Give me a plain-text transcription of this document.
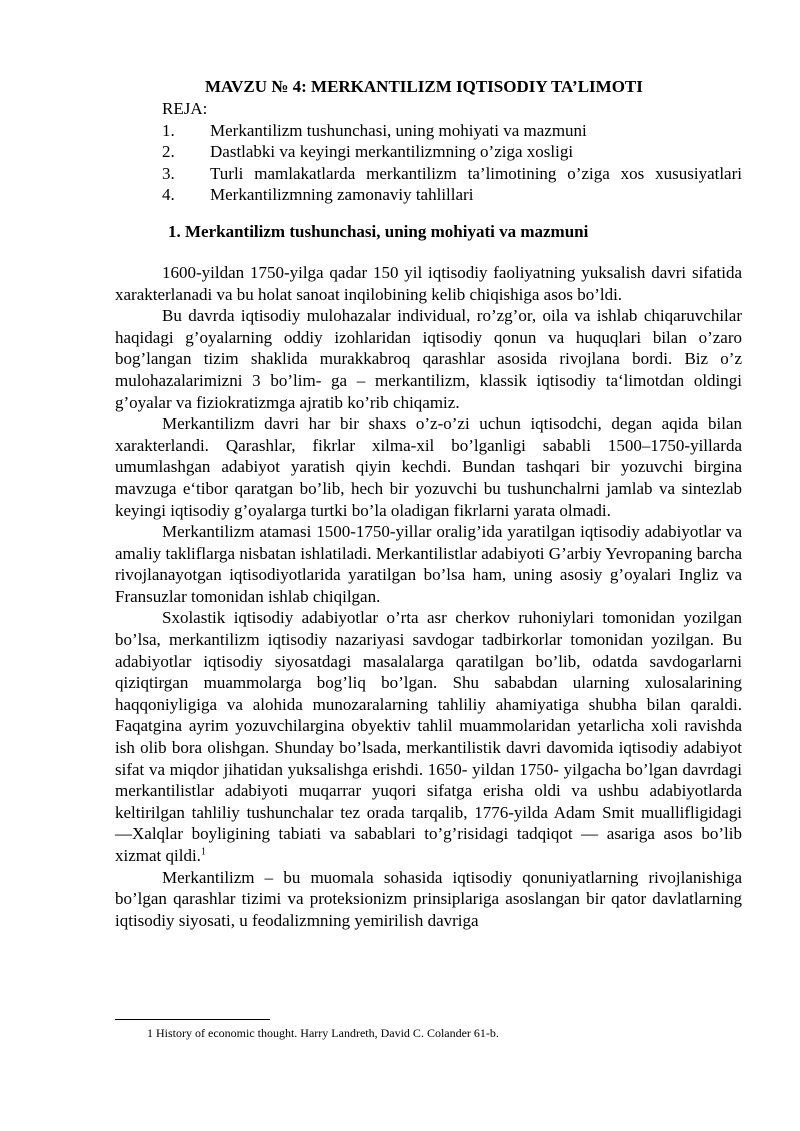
MAVZU № 4: MERKANTILIZM IQTISODIY TA’LIMOTI

REJA:

1. Merkantilizm tushunchasi, uning mohiyati va mazmuni
2. Dastlabki va keyingi merkantilizmning o’ziga xosligi
3. Turli mamlakatlarda merkantilizm ta’limotining o’ziga xos xususiyatlari
4. Merkantilizmning zamonaviy tahlillari
1. Merkantilizm tushunchasi, uning mohiyati va mazmuni

1600-yildan 1750-yilga qadar 150 yil iqtisodiy faoliyatning yuksalish davri sifatida xarakterlanadi va bu holat sanoat inqilobining kelib chiqishiga asos bo’ldi.

Bu davrda iqtisodiy mulohazalar individual, ro’zg’or, oila va ishlab chiqaruvchilar haqidagi g’oyalarning oddiy izohlaridan iqtisodiy qonun va huquqlari bilan o’zaro bog’langan tizim shaklida murakkabroq qarashlar asosida rivojlana bordi. Biz o’z mulohazalarimizni 3 bo’lim- ga – merkantilizm, klassik iqtisodiy ta‘limotdan oldingi g’oyalar va fiziokratizmga ajratib ko’rib chiqamiz.

Merkantilizm davri har bir shaxs o’z-o’zi uchun iqtisodchi, degan aqida bilan xarakterlandi. Qarashlar, fikrlar xilma-xil bo’lganligi sababli 1500–1750-yillarda umumlashgan adabiyot yaratish qiyin kechdi. Bundan tashqari bir yozuvchi birgina mavzuga e‘tibor qaratgan bo’lib, hech bir yozuvchi bu tushunchalrni jamlab va sintezlab keyingi iqtisodiy g’oyalarga turtki bo’la oladigan fikrlarni yarata olmadi.

Merkantilizm atamasi 1500-1750-yillar oralig’ida yaratilgan iqtisodiy adabiyotlar va amaliy takliflarga nisbatan ishlatiladi. Merkantilistlar adabiyoti G’arbiy Yevropaning barcha rivojlanayotgan iqtisodiyotlarida yaratilgan bo’lsa ham, uning asosiy g’oyalari Ingliz va Fransuzlar tomonidan ishlab chiqilgan.

Sxolastik iqtisodiy adabiyotlar o’rta asr cherkov ruhoniylari tomonidan yozilgan bo’lsa, merkantilizm iqtisodiy nazariyasi savdogar tadbirkorlar tomonidan yozilgan. Bu adabiyotlar iqtisodiy siyosatdagi masalalarga qaratilgan bo’lib, odatda savdogarlarni qiziqtirgan muammolarga bog’liq bo’lgan. Shu sababdan ularning xulosalarining haqqoniyligiga va alohida munozaralarning tahliliy ahamiyatiga shubha bilan qaraldi. Faqatgina ayrim yozuvchilargina obyektiv tahlil muammolaridan yetarlicha xoli ravishda ish olib bora olishgan. Shunday bo’lsada, merkantilistik davri davomida iqtisodiy adabiyot sifat va miqdor jihatidan yuksalishga erishdi. 1650- yildan 1750- yilgacha bo’lgan davrdagi merkantilistlar adabiyoti muqarrar yuqori sifatga erisha oldi va ushbu adabiyotlarda keltirilgan tahliliy tushunchalar tez orada tarqalib, 1776-yilda Adam Smit muallifligidagi ―Xalqlar boyligining tabiati va sabablari to’g’risidagi tadqiqot ― asariga asos bo’lib xizmat qildi.$^1$

Merkantilizm – bu muomala sohasida iqtisodiy qonuniyatlarning rivojlanishiga bo’lgan qarashlar tizimi va proteksionizm prinsiplariga asoslangan bir qator davlatlarning iqtisodiy siyosati, u feodalizmning yemirilish davriga

1 History of economic thought. Harry Landreth, David C. Colander 61-b.
